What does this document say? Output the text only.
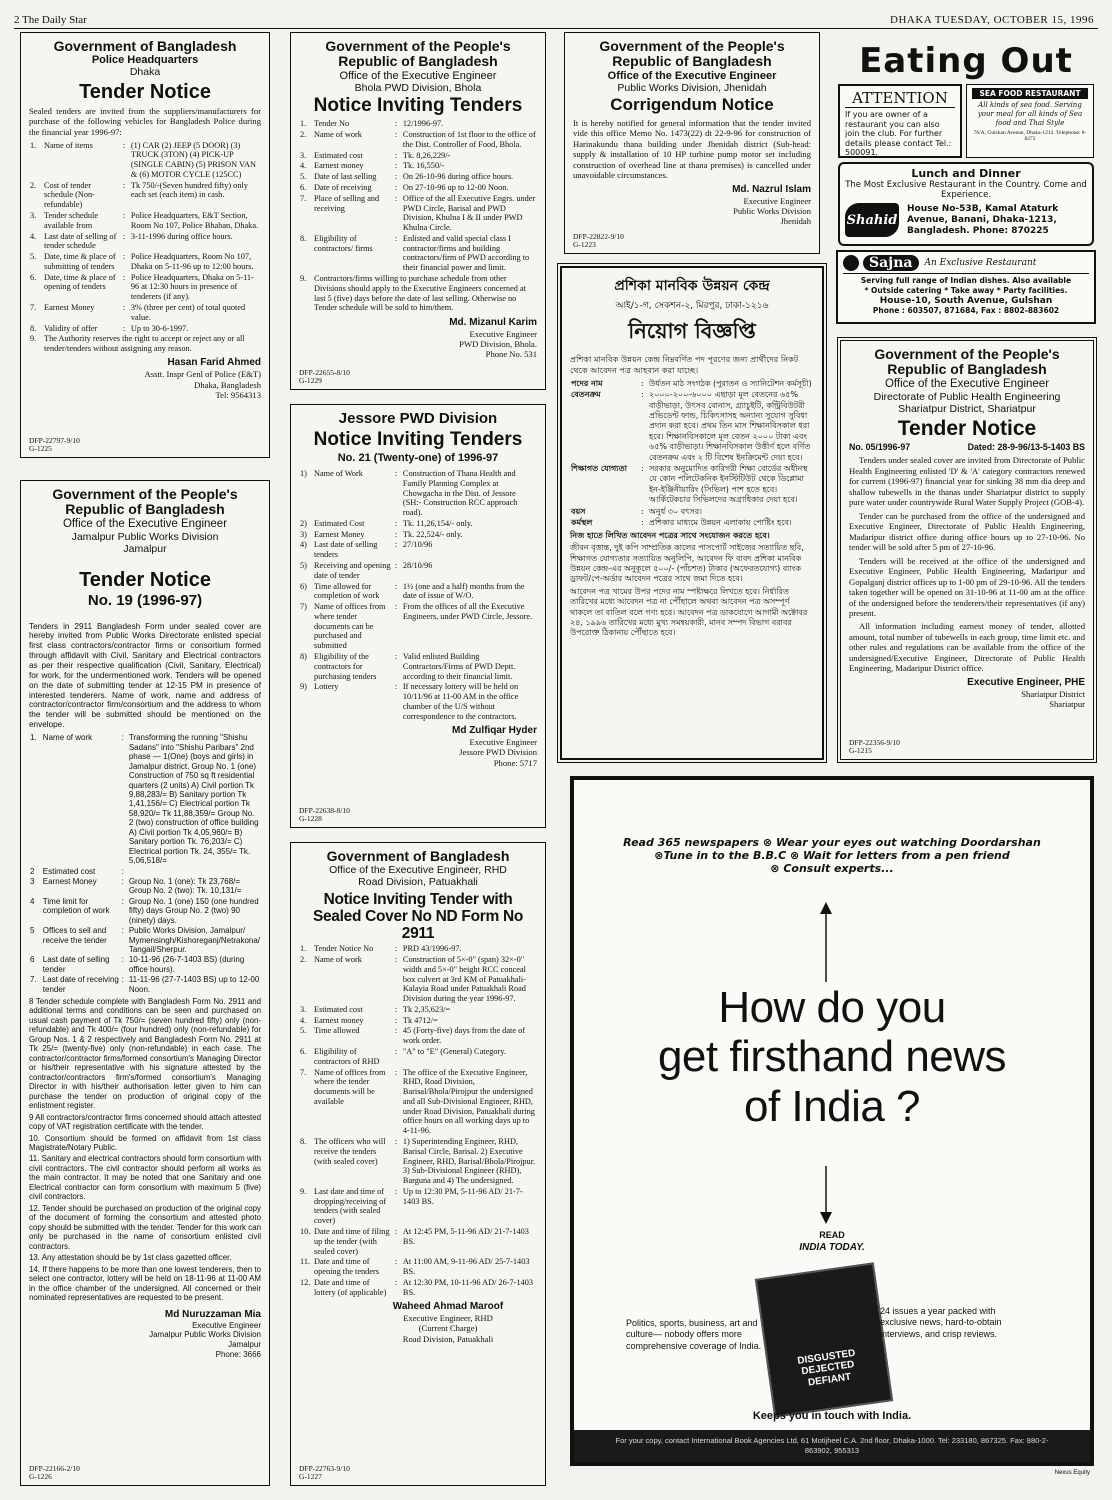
2 The Daily Star	DHAKA TUESDAY, OCTOBER 15, 1996
Government of Bangladesh
Police Headquarters
Dhaka
Tender Notice
Sealed tenders are invited from the suppliers/manufacturers for purchase of the following vehicles for Bangladesh Police during the financial year 1996-97:
1.	Name of items	:	(1) CAR (2) JEEP (5 DOOR) (3) TRUCK (3TON) (4) PICK-UP (SINGLE CABIN) (5) PRISON VAN & (6) MOTOR CYCLE (125CC)
2.	Cost of tender schedule (Non-refundable)	:	Tk 750/-(Seven hundred fifty) only each set (each item) in cash.
3.	Tender schedule available from	:	Police Headquarters, E&T Section, Room No 107, Police Bhaban, Dhaka.
4.	Last date of selling of tender schedule	:	3-11-1996 during office hours.
5.	Date, time & place of submitting of tenders	:	Police Headquarters, Room No 107, Dhaka on 5-11-96 up to 12:00 hours.
6.	Date, time & place of opening of tenders	:	Police Headquarters, Dhaka on 5-11-96 at 12:30 hours in presence of tenderers (if any).
7.	Earnest Money	:	3% (three per cent) of total quoted value.
8.	Validity of offer	:	Up to 30-6-1997.
9.	The Authority reserves the right to accept or reject any or all tender/tenders without assigning any reason.		
Hasan Farid Ahmed
Asstt. Inspr Genl of Police (E&T)
Dhaka, Bangladesh
Tel: 9564313
DFP-22797-9/10
G-1225
Government of the People's
Republic of Bangladesh
Office of the Executive Engineer
Jamalpur Public Works Division
Jamalpur
Tender Notice
No. 19 (1996-97)
Tenders in 2911 Bangladesh Form under sealed cover are hereby invited from Public Works Directorate enlisted special first class contractors/contractor firms or consortium formed through affidavit with Civil, Sanitary and Electrical contractors as per their respective qualification (Civil, Sanitary, Electrical) for work, for the undermentioned work. Tenders will be opened on the date of submitting tender at 12-15 PM in presence of interested tenderers. Name of work, name and address of contractor/contractor firm/consortium and the address to whom the tender will be submitted should be mentioned on the envelope.
1.	Name of work	:	Transforming the running "Shishu Sadans" into "Shishu Paribars" 2nd phase — 1(One) (boys and girls) in Jamalpur district. Group No. 1 (one) Construction of 750 sq ft residential quarters (2 units) A) Civil portion Tk 9,88,283/= B) Sanitary portion Tk 1,41,156/= C) Electrical portion Tk 58,920/= Tk 11,88,359/= Group No. 2 (two) construction of office building A) Civil portion Tk 4,05,960/= B) Sanitary portion Tk. 76,203/= C) Electrical portion Tk. 24, 355/= Tk. 5,06,518/=
2	Estimated cost	:	
3	Earnest Money	:	Group No. 1 (one): Tk 23,768/= Group No. 2 (two): Tk. 10,131/=
4	Time limit for completion of work	:	Group No. 1 (one) 150 (one hundred fifty) days Group No. 2 (two) 90 (ninety) days.
5	Offices to sell and receive the tender	:	Public Works Division, Jamalpur/ Mymensingh/Kishoreganj/Netrakona/ Tangail/Sherpur.
6	Last date of selling tender	:	10-11-96 (26-7-1403 BS) (during office hours).
7.	Last date of receiving tender	:	11-11-96 (27-7-1403 BS) up to 12-00 Noon.
8 Tender schedule complete with Bangladesh Form No. 2911 and additional terms and conditions can be seen and purchased on usual cash payment of Tk 750/= (seven hundred fifty) only (non-refundable) and Tk 400/= (four hundred) only (non-refundable) for Group Nos. 1 & 2 respectively and Bangladesh Form No. 2911 at Tk 25/= (twenty-five) only (non-refundable) in each case. The contractor/contractor firms/formed consortium's Managing Director or his/their representative with his signature attested by the contractor/contractors firm's/formed consortium's Managing Director in with his/their authorisation letter given to him can purchase the tender on production of original copy of the enlistment register.
9 All contractors/contractor firms concerned should attach attested copy of VAT registration certificate with the tender.
10. Consortium should be formed on affidavit from 1st class Magistrate/Notary Public.
11. Sanitary and electrical contractors should form consortium with civil contractors. The civil contractor should perform all works as the main contractor. It may be noted that one Sanitary and one Electrical contractor can form consortium with maximum 5 (five) civil contractors.
12. Tender should be purchased on production of the original copy of the document of forming the consortium and attested photo copy should be submitted with the tender. Tender for this work can only be purchased in the name of consortium enlisted civil contractors.
13. Any attestation should be by 1st class gazetted officer.
14. If there happens to be more than one lowest tenderers, then to select one contractor, lottery will be held on 18-11-96 at 11-00 AM in the office chamber of the undersigned. All concerned or their nominated representatives are requested to be present.
Md Nuruzzaman Mia
Executive Engineer
Jamalpur Public Works Division
Jamalpur
Phone: 3666
DFP-22166-2/10
G-1226
Government of the People's
Republic of Bangladesh
Office of the Executive Engineer
Bhola PWD Division, Bhola
Notice Inviting Tenders
1.	Tender No	:	12/1996-97.
2.	Name of work	:	Construction of 1st floor to the office of the Dist. Controller of Food, Bhola.
3.	Estimated cost	:	Tk. 8,26,229/-
4.	Earnest money	:	Tk. 16,550/-
5.	Date of last selling	:	On 26-10-96 during office hours.
6.	Date of receiving	:	On 27-10-96 up to 12-00 Noon.
7.	Place of selling and receiving	:	Office of the all Executive Engrs. under PWD Circle, Barisal and PWD Division, Khulna I & II under PWD Khulna Circle.
8.	Eligibility of contractors/ firms	:	Enlisted and valid special class I contractor/firms and building contractors/firm of PWD according to their financial power and limit.
9.	Contractors/firms willing to purchase schedule from other Divisions should apply to the Executive Engineers concerned at last 5 (five) days before the date of last selling. Otherwise no Tender schedule will be sold to him/them.		
Md. Mizanul Karim
Executive Engineer
PWD Division, Bhola.
Phone No. 531
DFP-22655-8/10
G-1229
Jessore PWD Division
Notice Inviting Tenders
No. 21 (Twenty-one) of 1996-97
1)	Name of Work	:	Construction of Thana Health and Family Planning Complex at Chowgacha in the Dist. of Jessore (SH:- Construction RCC approach road).
2)	Estimated Cost	:	Tk. 11,26,154/- only.
3)	Earnest Money	:	Tk. 22,524/- only.
4)	Last date of selling tenders	:	27/10/96
5)	Receiving and opening date of tender	:	28/10/96
6)	Time allowed for completion of work	:	1½ (one and a half) months from the date of issue of W/O.
7)	Name of offices from where tender documents can be purchased and submitted	:	From the offices of all the Executive Engineers, under PWD Circle, Jessore.
8)	Eligibility of the contractors for purchasing tenders	:	Valid enlisted Building Contractors/Firms of PWD Deptt. according to their financial limit.
9)	Lottery	:	If necessary lottery will be held on 10/11/96 at 11-00 AM in the office chamber of the U/S without correspondence to the contractors.
Md Zulfiqar Hyder
Executive Engineer
Jessore PWD Division
Phone: 5717
DFP-22638-8/10
G-1228
Government of Bangladesh
Office of the Executive Engineer, RHD
Road Division, Patuakhali
Notice Inviting Tender with Sealed Cover No ND Form No 2911
1.	Tender Notice No	:	PRD 43/1996-97.
2.	Name of work	:	Construction of 5×-0" (span) 32×-0" width and 5×-0" height RCC conceal box culvert at 3rd KM of Patuakhali-Kalayia Road under Patuakhali Road Division during the year 1996-97.
3.	Estimated cost	:	Tk 2,35,623/=
4.	Earnest money	:	Tk 4712/=
5.	Time allowed	:	45 (Forty-five) days from the date of work order.
6.	Eligibility of contractors of RHD	:	"A" to "E" (General) Category.
7.	Name of offices from where the tender documents will be available	:	The office of the Executive Engineer, RHD, Road Division, Barisal/Bhola/Pirojpur the undersigned and all Sub-Divisional Engineer, RHD, under Road Division, Patuakhali during office hours on all working days up to 4-11-96.
8.	The officers who will receive the tenders (with sealed cover)	:	1) Superintending Engineer, RHD, Barisal Circle, Barisal. 2) Executive Engineer, RHD, Barisal/Bhola/Pirojpur. 3) Sub-Divisional Engineer (RHD), Barguna and 4) The undersigned.
9.	Last date and time of dropping/receiving of tenders (with sealed cover)	:	Up to 12:30 PM, 5-11-96 AD/ 21-7-1403 BS.
10.	Date and time of filing up the tender (with sealed cover)	:	At 12:45 PM, 5-11-96 AD/ 21-7-1403 BS.
11.	Date and time of opening the tenders	:	At 11:00 AM, 9-11-96 AD/ 25-7-1403 BS.
12.	Date and time of lottery (of applicable)	:	At 12:30 PM, 10-11-96 AD/ 26-7-1403 BS.
Waheed Ahmad Maroof
Executive Engineer, RHD
(Current Charge)
Road Division, Patuakhali
DFP-22763-9/10
G-1227
Government of the People's
Republic of Bangladesh
Office of the Executive Engineer
Public Works Division, Jhenidah
Corrigendum Notice
It is hereby notified for general information that the tender invited vide this office Memo No. 1473(22) dt 22-9-96 for construction of Harinakundu thana building under Jhenidah district (Sub-head: supply & installation of 10 HP turbine pump motor set including construction of overhead line at thana premises) is cancelled under unavoidable circumstances.
Md. Nazrul Islam
Executive Engineer
Public Works Division
Jhenidah
DFP-22822-9/10
G-1223
প্রশিকা মানবিক উন্নয়ন কেন্দ্র
আই/১-গ, সেকশন-২, মিরপুর, ঢাকা-১২১৬
নিয়োগ বিজ্ঞপ্তি
প্রশিকা মানবিক উন্নয়ন কেন্দ্র নিম্নবর্ণিত পদ পূরণের জন্য প্রার্থীদের নিকট থেকে আবেদন পত্র আহবান করা যাচ্ছে।
পদের নাম	:	উর্ধতন মাঠ সংগঠক (পুরাতন ও স্যানিটেশন কর্মসূচী)
বেতনক্রম	:	২০০০-২০০-৬০০০ এছাড়া মূল বেতনের ৬৫% বাড়ীভাড়া, উৎসব বোনাস, গ্র্যাচুইটি, কন্ট্রিবিউটরী প্রভিডেন্ট ফান্ড, চিকিৎসাসহ অন্যান্য সুযোগ সুবিধা প্রদান করা হবে। প্রথম তিন মাস শিক্ষানবিসকাল ধরা হবে। শিক্ষানবিসকালে মূল বেতন ২০০০ টাকা এবং ৬৫% বাড়ীভাড়া। শিক্ষানবিসকাল উত্তীর্ণ হলে বর্ণিত বেতনক্রম এবং ২ টি বিশেষ ইনক্রিমেন্ট দেয়া হবে।
শিক্ষাগত যোগ্যতা	:	সরকার অনুমোদিত কারিগরী শিক্ষা বোর্ডের অধীনস্থ যে কোন পলিটেকনিক ইনস্টিটিউট থেকে ডিপ্লোমা ইন-ইঞ্জিনীয়ারিং (সিভিল) পাশ হতে হবে। আর্কিটেকচার সিভিলদের অগ্রাধিকার দেয়া হবে।
বয়স	:	অনুর্ধ ৩০ বৎসর।
কর্মস্থল	:	প্রশিকার মাধ্যমে উন্নয়ন এলাকায় পোষ্টিং হবে।
নিজ হাতে লিখিত আবেদন পত্রের সাথে সংযোজন করতে হবে।
জীবন বৃত্তান্ত, দুই কপি সাম্প্রতিক কালের পাসপোর্ট সাইজের সত্যায়িত ছবি, শিক্ষাগত যোগ্যতার সত্যায়িত অনুলিপি, আবেদন ফি বাবদ প্রশিকা মানবিক উন্নয়ন কেন্দ্র-এর অনুকূলে ৫০০/- (পাঁচশত) টাকার (অফেরতযোগ্য) ব্যাংক ড্রাফট/পে-অর্ডার আবেদন পত্রের সাথে জমা দিতে হবে।
আবেদন পত্র খামের উপর পদের নাম স্পষ্টাক্ষরে লিখতে হবে। নির্ধারিত তারিখের মধ্যে আবেদন পত্র না পৌঁছালে অথবা আবেদন পত্র অসম্পূর্ণ থাকলে তা বাতিল বলে গণ্য হবে। আবেদন পত্র ডাকযোগে আগামী অক্টোবর ২৪, ১৯৯৬ তারিখের মধ্যে মুখ্য সমন্বয়কারী, মানব সম্পদ বিভাগ বরাবর উপরোক্ত ঠিকানায় পৌঁছাতে হবে।
Eating Out
ATTENTION
If you are owner of a restaurant you can also join the club. For further details please contact Tel.: 500091.
SEA FOOD RESTAURANT
All kinds of sea food. Serving your meal for all kinds of Sea food and Thai Style
76/A, Gulshan Avenue, Dhaka-1212. Telephone: 8-8272
Lunch and Dinner
The Most Exclusive Restaurant in the Country. Come and Experience.
Shahid
House No-53B, Kamal Ataturk
Avenue, Banani, Dhaka-1213,
Bangladesh. Phone: 870225
Sajna	An Exclusive Restaurant
Serving full range of Indian dishes. Also available
* Outside catering * Take away * Party facilities.
House-10, South Avenue, Gulshan
Phone : 603507, 871684, Fax : 8802-883602
Government of the People's
Republic of Bangladesh
Office of the Executive Engineer
Directorate of Public Health Engineering
Shariatpur District, Shariatpur
Tender Notice
No. 05/1996-97	Dated: 28-9-96/13-5-1403 BS
Tenders under sealed cover are invited from Directorate of Public Health Engineering enlisted 'D' & 'A' category contractors renewed for current (1996-97) financial year for sinking 38 mm dia deep and shallow tubewells in the thanas under Shariatpur district to supply pure water under countrywide Rural Water Supply Project (GOB-4).
Tender can be purchased from the office of the undersigned and Executive Engineer, Directorate of Public Health Engineering, Madaripur district office during office hours up to 27-10-96. No tender will be sold after 5 pm of 27-10-96.
Tenders will be received at the office of the undersigned and Executive Engineer, Public Health Engineering, Madaripur and Gopalganj district offices up to 1-00 pm of 29-10-96. All the tenders taken together will be opened on 31-10-96 at 11-00 am at the office of the undersigned before the tenderers/their representatives (if any) present.
All information including earnest money of tender, allotted amount, total number of tubewells in each group, time limit etc. and other rules and regulations can be available from the office of the undersigned/Executive Engineer, Directorate of Public Health Engineering, Madaripur District office.
Executive Engineer, PHE
Shariatpur District
Shariatpur
DFP-22356-9/10
G-1215
Read 365 newspapers ⊗ Wear your eyes out watching Doordarshan
⊗Tune in to the B.B.C ⊗ Wait for letters from a pen friend
⊗ Consult experts...
How do you
get firsthand news
of India ?
READ
INDIA TODAY.
DISGUSTED DEJECTED DEFIANT
Politics, sports, business, art and culture— nobody offers more comprehensive coverage of India.
24 issues a year packed with exclusive news, hard-to-obtain interviews, and crisp reviews.
Keeps you in touch with India.
For your copy, contact International Book Agencies Ltd, 61 Motijheel C.A. 2nd floor, Dhaka-1000. Tel: 233180, 867325. Fax: 880-2-863902, 955313
Nexus Equity
